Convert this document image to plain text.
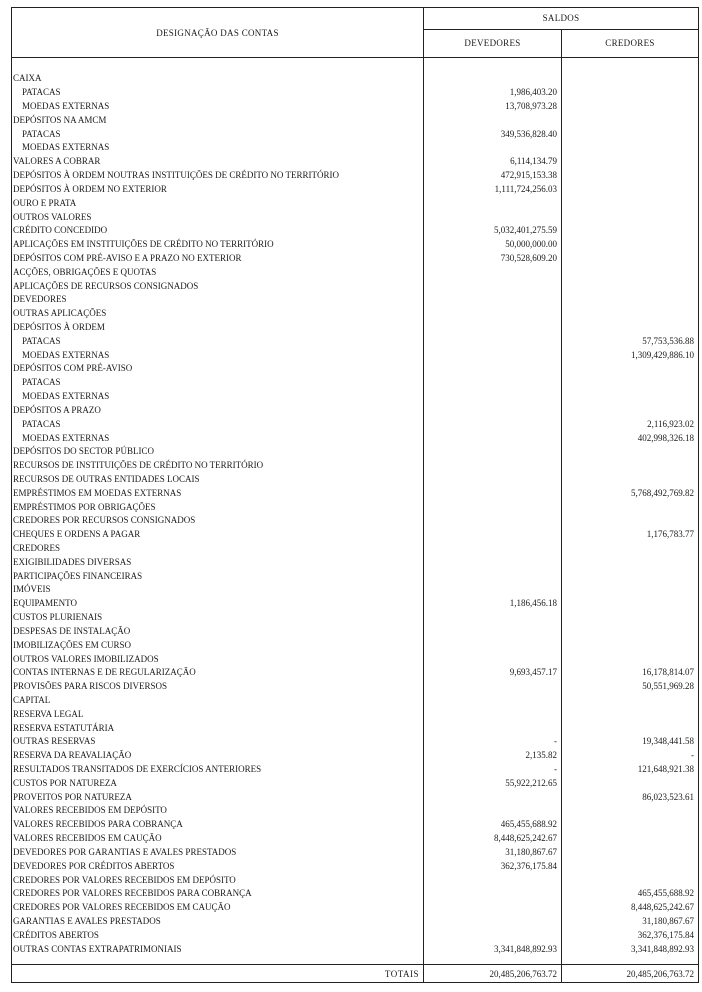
DESIGNAÇÃO DAS CONTAS	SALDOS	
	DEVEDORES	CREDORES

CAIXA		
PATACAS	1,986,403.20	
MOEDAS EXTERNAS	13,708,973.28	
DEPÓSITOS NA AMCM		
PATACAS	349,536,828.40	
MOEDAS EXTERNAS		
VALORES A COBRAR	6,114,134.79	
DEPÓSITOS À ORDEM NOUTRAS INSTITUIÇÕES DE CRÉDITO NO TERRITÓRIO	472,915,153.38	
DEPÓSITOS À ORDEM NO EXTERIOR	1,111,724,256.03	
OURO E PRATA		
OUTROS VALORES		
CRÉDITO CONCEDIDO	5,032,401,275.59	
APLICAÇÕES EM INSTITUIÇÕES DE CRÉDITO NO TERRITÓRIO	50,000,000.00	
DEPÓSITOS COM PRÉ-AVISO E A PRAZO NO EXTERIOR	730,528,609.20	
ACÇÕES, OBRIGAÇÕES E QUOTAS		
APLICAÇÕES DE RECURSOS CONSIGNADOS		
DEVEDORES		
OUTRAS APLICAÇÕES		
DEPÓSITOS À ORDEM		
PATACAS		57,753,536.88
MOEDAS EXTERNAS		1,309,429,886.10
DEPÓSITOS COM PRÉ-AVISO		
PATACAS		
MOEDAS EXTERNAS		
DEPÓSITOS A PRAZO		
PATACAS		2,116,923.02
MOEDAS EXTERNAS		402,998,326.18
DEPÓSITOS DO SECTOR PÚBLICO		
RECURSOS DE INSTITUIÇÕES DE CRÉDITO NO TERRITÓRIO		
RECURSOS DE OUTRAS ENTIDADES LOCAIS		
EMPRÉSTIMOS EM MOEDAS EXTERNAS		5,768,492,769.82
EMPRÉSTIMOS POR OBRIGAÇÕES		
CREDORES POR RECURSOS CONSIGNADOS		
CHEQUES E ORDENS A PAGAR		1,176,783.77
CREDORES		
EXIGIBILIDADES DIVERSAS		
PARTICIPAÇÕES FINANCEIRAS		
IMÓVEIS		
EQUIPAMENTO	1,186,456.18	
CUSTOS PLURIENAIS		
DESPESAS DE INSTALAÇÃO		
IMOBILIZAÇÕES EM CURSO		
OUTROS VALORES IMOBILIZADOS		
CONTAS INTERNAS E DE REGULARIZAÇÃO	9,693,457.17	16,178,814.07
PROVISÕES PARA RISCOS DIVERSOS		50,551,969.28
CAPITAL		
RESERVA LEGAL		
RESERVA ESTATUTÁRIA		
OUTRAS RESERVAS	-	19,348,441.58
RESERVA DA REAVALIAÇÃO	2,135.82	-
RESULTADOS TRANSITADOS DE EXERCÍCIOS ANTERIORES	-	121,648,921.38
CUSTOS POR NATUREZA	55,922,212.65	
PROVEITOS POR NATUREZA		86,023,523.61
VALORES RECEBIDOS EM DEPÓSITO		
VALORES RECEBIDOS PARA COBRANÇA	465,455,688.92	
VALORES RECEBIDOS EM CAUÇÃO	8,448,625,242.67	
DEVEDORES POR GARANTIAS E AVALES PRESTADOS	31,180,867.67	
DEVEDORES POR CRÉDITOS ABERTOS	362,376,175.84	
CREDORES POR VALORES RECEBIDOS EM DEPÓSITO		
CREDORES POR VALORES RECEBIDOS PARA COBRANÇA		465,455,688.92
CREDORES POR VALORES RECEBIDOS EM CAUÇÃO		8,448,625,242.67
GARANTIAS E AVALES PRESTADOS		31,180,867.67
CRÉDITOS ABERTOS		362,376,175.84
OUTRAS CONTAS EXTRAPATRIMONIAIS	3,341,848,892.93	3,341,848,892.93

TOTAIS	20,485,206,763.72	20,485,206,763.72
